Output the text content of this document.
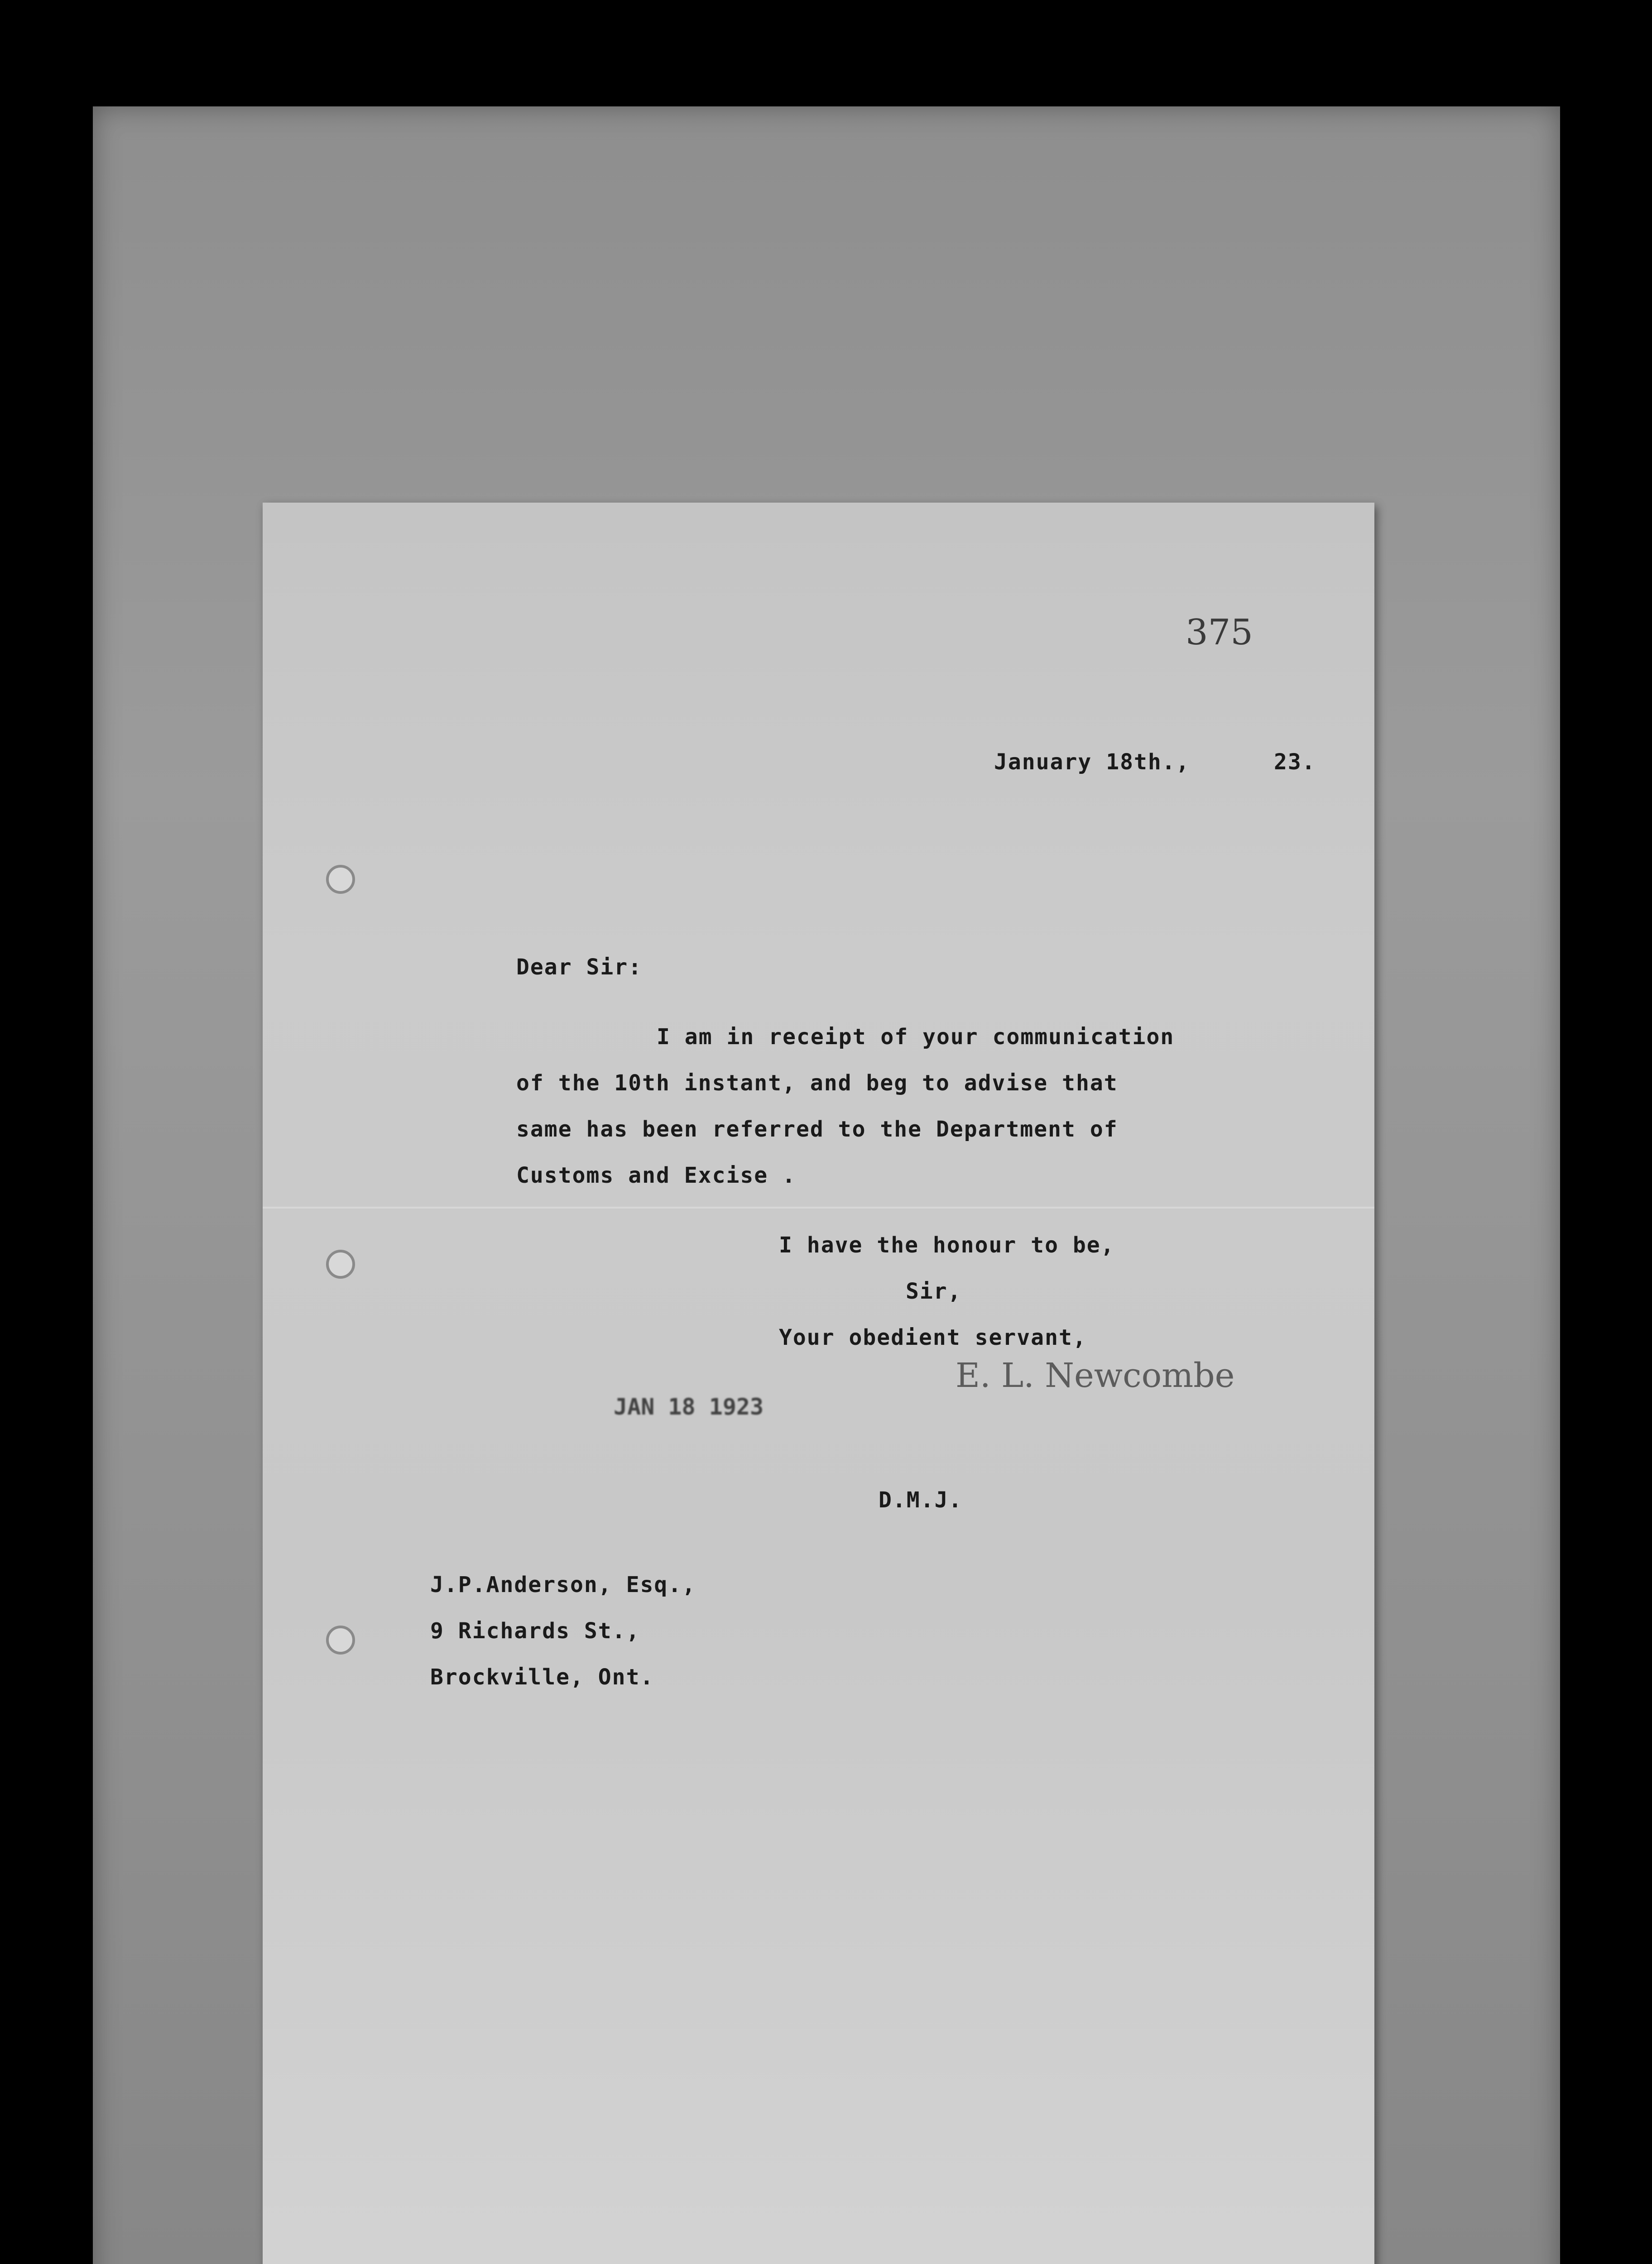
375
January 18th.,      23.
Dear Sir:
I am in receipt of your communication
of the 10th instant, and beg to advise that
same has been referred to the Department of
Customs and Excise .
I have the honour to be,
Sir,
Your obedient servant,
E. L. Newcombe
JAN 18 1923
D.M.J.
J.P.Anderson, Esq.,
9 Richards St.,
Brockville, Ont.
